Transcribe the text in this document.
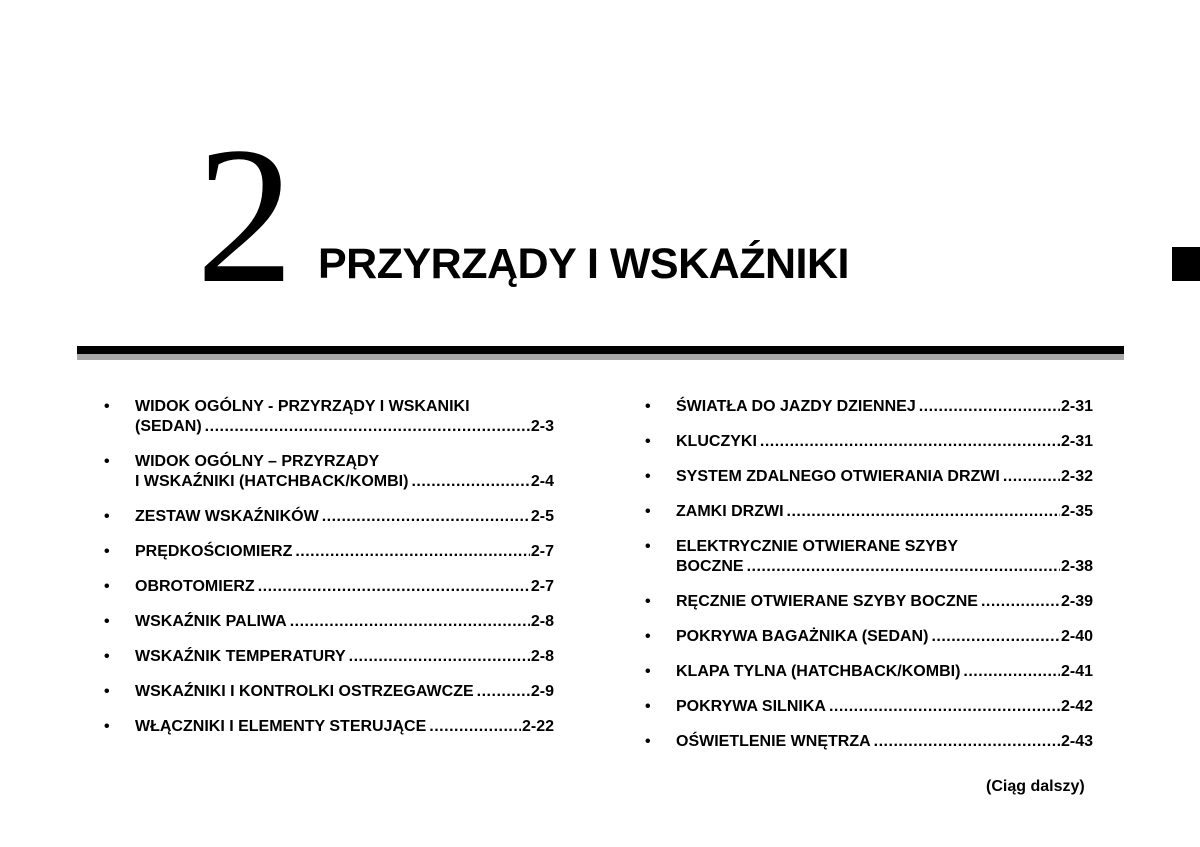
2 PRZYRZĄDY I WSKAŹNIKI
• WIDOK OGÓLNY - PRZYRZĄDY I WSKANIKI
(SEDAN) .....	2-3
• WIDOK OGÓLNY – PRZYRZĄDY
I WSKAŹNIKI (HATCHBACK/KOMBI) .....	2-4
• ZESTAW WSKAŹNIKÓW .....	2-5
• PRĘDKOŚCIOMIERZ .....	2-7
• OBROTOMIERZ .....	2-7
• WSKAŹNIK PALIWA .....	2-8
• WSKAŹNIK TEMPERATURY .....	2-8
• WSKAŹNIKI I KONTROLKI OSTRZEGAWCZE .....	2-9
• WŁĄCZNIKI I ELEMENTY STERUJĄCE .....	2-22
• ŚWIATŁA DO JAZDY DZIENNEJ .....	2-31
• KLUCZYKI .....	2-31
• SYSTEM ZDALNEGO OTWIERANIA DRZWI .....	2-32
• ZAMKI DRZWI .....	2-35
• ELEKTRYCZNIE OTWIERANE SZYBY
BOCZNE .....	2-38
• RĘCZNIE OTWIERANE SZYBY BOCZNE .....	2-39
• POKRYWA BAGAŻNIKA (SEDAN) .....	2-40
• KLAPA TYLNA (HATCHBACK/KOMBI) .....	2-41
• POKRYWA SILNIKA .....	2-42
• OŚWIETLENIE WNĘTRZA .....	2-43
(Ciąg dalszy)
